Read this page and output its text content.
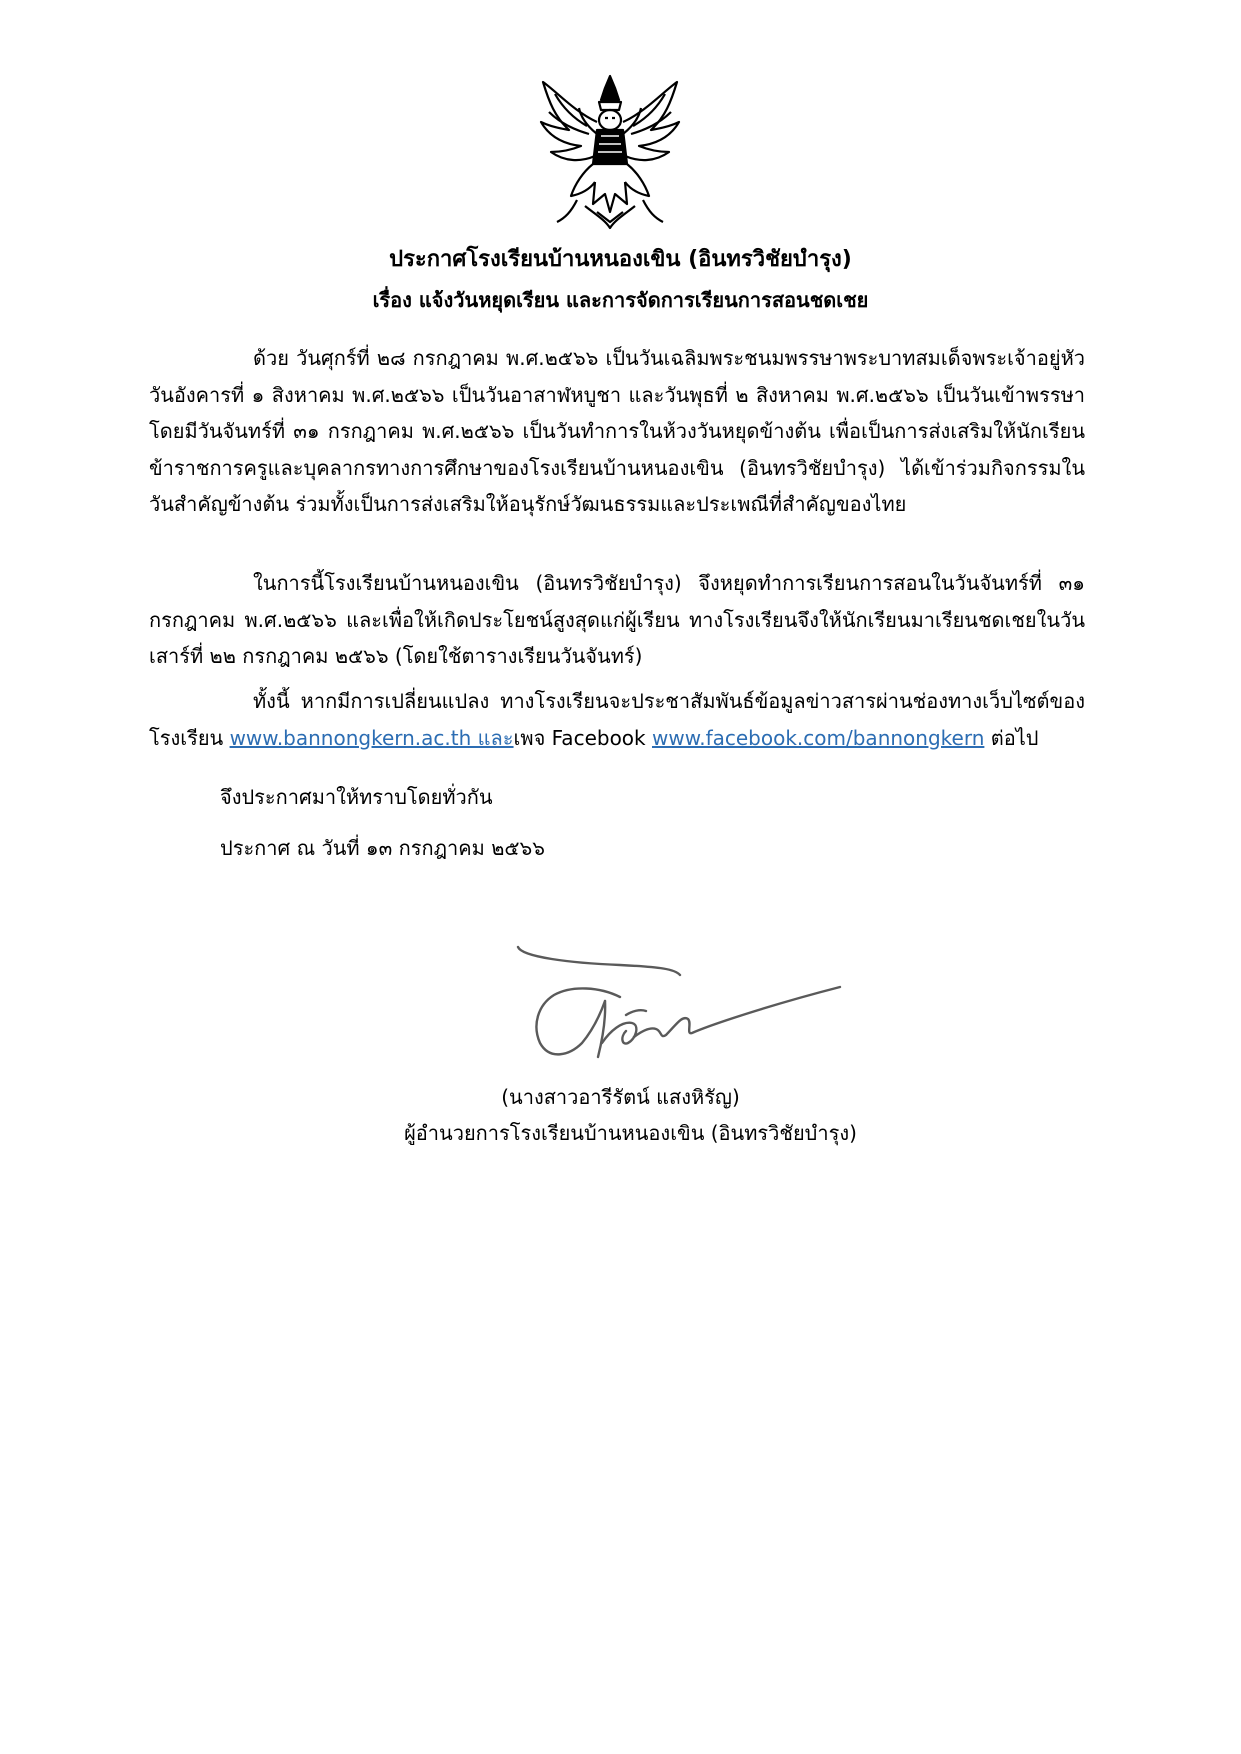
ประกาศโรงเรียนบ้านหนองเขิน (อินทรวิชัยบำรุง)
เรื่อง แจ้งวันหยุดเรียน และการจัดการเรียนการสอนชดเชย
ด้วย วันศุกร์ที่ ๒๘ กรกฎาคม พ.ศ.๒๕๖๖ เป็นวันเฉลิมพระชนมพรรษาพระบาทสมเด็จพระเจ้าอยู่หัว วันอังคารที่ ๑ สิงหาคม พ.ศ.๒๕๖๖ เป็นวันอาสาฬหบูชา และวันพุธที่ ๒ สิงหาคม พ.ศ.๒๕๖๖ เป็นวันเข้าพรรษา โดยมีวันจันทร์ที่ ๓๑ กรกฎาคม พ.ศ.๒๕๖๖ เป็นวันทำการในห้วงวันหยุดข้างต้น เพื่อเป็นการส่งเสริมให้นักเรียน ข้าราชการครูและบุคลากรทางการศึกษาของโรงเรียนบ้านหนองเขิน (อินทรวิชัยบำรุง) ได้เข้าร่วมกิจกรรมในวันสำคัญข้างต้น ร่วมทั้งเป็นการส่งเสริมให้อนุรักษ์วัฒนธรรมและประเพณีที่สำคัญของไทย
ในการนี้โรงเรียนบ้านหนองเขิน (อินทรวิชัยบำรุง) จึงหยุดทำการเรียนการสอนในวันจันทร์ที่ ๓๑ กรกฎาคม พ.ศ.๒๕๖๖ และเพื่อให้เกิดประโยชน์สูงสุดแก่ผู้เรียน ทางโรงเรียนจึงให้นักเรียนมาเรียนชดเชยในวันเสาร์ที่ ๒๒ กรกฎาคม ๒๕๖๖ (โดยใช้ตารางเรียนวันจันทร์)
ทั้งนี้ หากมีการเปลี่ยนแปลง ทางโรงเรียนจะประชาสัมพันธ์ข้อมูลข่าวสารผ่านช่องทางเว็บไซต์ของโรงเรียน www.bannongkern.ac.th และเพจ Facebook www.facebook.com/bannongkern ต่อไป
จึงประกาศมาให้ทราบโดยทั่วกัน
ประกาศ ณ วันที่ ๑๓ กรกฎาคม ๒๕๖๖
(นางสาวอารีรัตน์ แสงหิรัญ)
ผู้อำนวยการโรงเรียนบ้านหนองเขิน (อินทรวิชัยบำรุง)
